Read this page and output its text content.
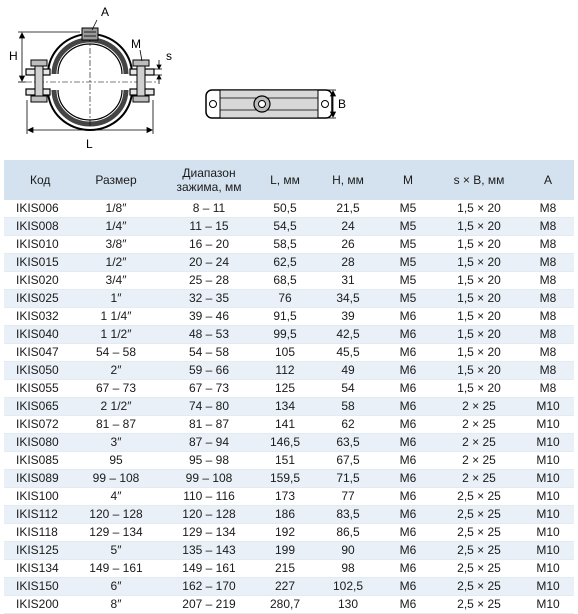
H
A
M
s
L
B
Код	Размер	Диапазон зажима, мм	L, мм	H, мм	M	s × B, мм	A
IKIS006	1/8″	8 – 11	50,5	21,5	M5	1,5 × 20	M8
IKIS008	1/4″	11 – 15	54,5	24	M5	1,5 × 20	M8
IKIS010	3/8″	16 – 20	58,5	26	M5	1,5 × 20	M8
IKIS015	1/2″	20 – 24	62,5	28	M5	1,5 × 20	M8
IKIS020	3/4″	25 – 28	68,5	31	M5	1,5 × 20	M8
IKIS025	1″	32 – 35	76	34,5	M5	1,5 × 20	M8
IKIS032	1 1/4″	39 – 46	91,5	39	M6	1,5 × 20	M8
IKIS040	1 1/2″	48 – 53	99,5	42,5	M6	1,5 × 20	M8
IKIS047	54 – 58	54 – 58	105	45,5	M6	1,5 × 20	M8
IKIS050	2″	59 – 66	112	49	M6	1,5 × 20	M8
IKIS055	67 – 73	67 – 73	125	54	M6	1,5 × 20	M8
IKIS065	2 1/2″	74 – 80	134	58	M6	2 × 25	M10
IKIS072	81 – 87	81 – 87	141	62	M6	2 × 25	M10
IKIS080	3″	87 – 94	146,5	63,5	M6	2 × 25	M10
IKIS085	95	95 – 98	151	67,5	M6	2 × 25	M10
IKIS089	99 – 108	99 – 108	159,5	71,5	M6	2 × 25	M10
IKIS100	4″	110 – 116	173	77	M6	2,5 × 25	M10
IKIS112	120 – 128	120 – 128	186	83,5	M6	2,5 × 25	M10
IKIS118	129 – 134	129 – 134	192	86,5	M6	2,5 × 25	M10
IKIS125	5″	135 – 143	199	90	M6	2,5 × 25	M10
IKIS134	149 – 161	149 – 161	215	98	M6	2,5 × 25	M10
IKIS150	6″	162 – 170	227	102,5	M6	2,5 × 25	M10
IKIS200	8″	207 – 219	280,7	130	M6	2,5 × 25	M10
